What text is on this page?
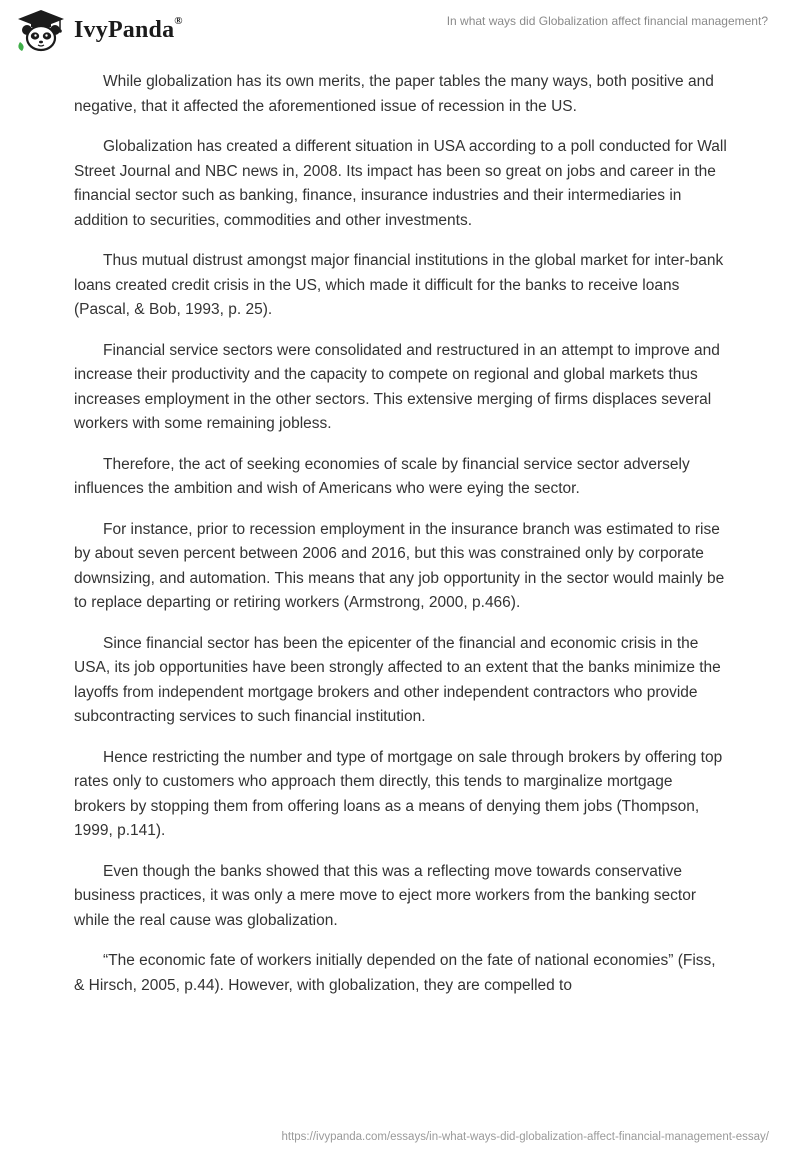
IvyPanda®	In what ways did Globalization affect financial management?

While globalization has its own merits, the paper tables the many ways, both positive and negative, that it affected the aforementioned issue of recession in the US.

Globalization has created a different situation in USA according to a poll conducted for Wall Street Journal and NBC news in, 2008. Its impact has been so great on jobs and career in the financial sector such as banking, finance, insurance industries and their intermediaries in addition to securities, commodities and other investments.

Thus mutual distrust amongst major financial institutions in the global market for inter-bank loans created credit crisis in the US, which made it difficult for the banks to receive loans (Pascal, & Bob, 1993, p. 25).

Financial service sectors were consolidated and restructured in an attempt to improve and increase their productivity and the capacity to compete on regional and global markets thus increases employment in the other sectors. This extensive merging of firms displaces several workers with some remaining jobless.

Therefore, the act of seeking economies of scale by financial service sector adversely influences the ambition and wish of Americans who were eying the sector.

For instance, prior to recession employment in the insurance branch was estimated to rise by about seven percent between 2006 and 2016, but this was constrained only by corporate downsizing, and automation. This means that any job opportunity in the sector would mainly be to replace departing or retiring workers (Armstrong, 2000, p.466).

Since financial sector has been the epicenter of the financial and economic crisis in the USA, its job opportunities have been strongly affected to an extent that the banks minimize the layoffs from independent mortgage brokers and other independent contractors who provide subcontracting services to such financial institution.

Hence restricting the number and type of mortgage on sale through brokers by offering top rates only to customers who approach them directly, this tends to marginalize mortgage brokers by stopping them from offering loans as a means of denying them jobs (Thompson, 1999, p.141).

Even though the banks showed that this was a reflecting move towards conservative business practices, it was only a mere move to eject more workers from the banking sector while the real cause was globalization.

“The economic fate of workers initially depended on the fate of national economies” (Fiss, & Hirsch, 2005, p.44). However, with globalization, they are compelled to

https://ivypanda.com/essays/in-what-ways-did-globalization-affect-financial-management-essay/
